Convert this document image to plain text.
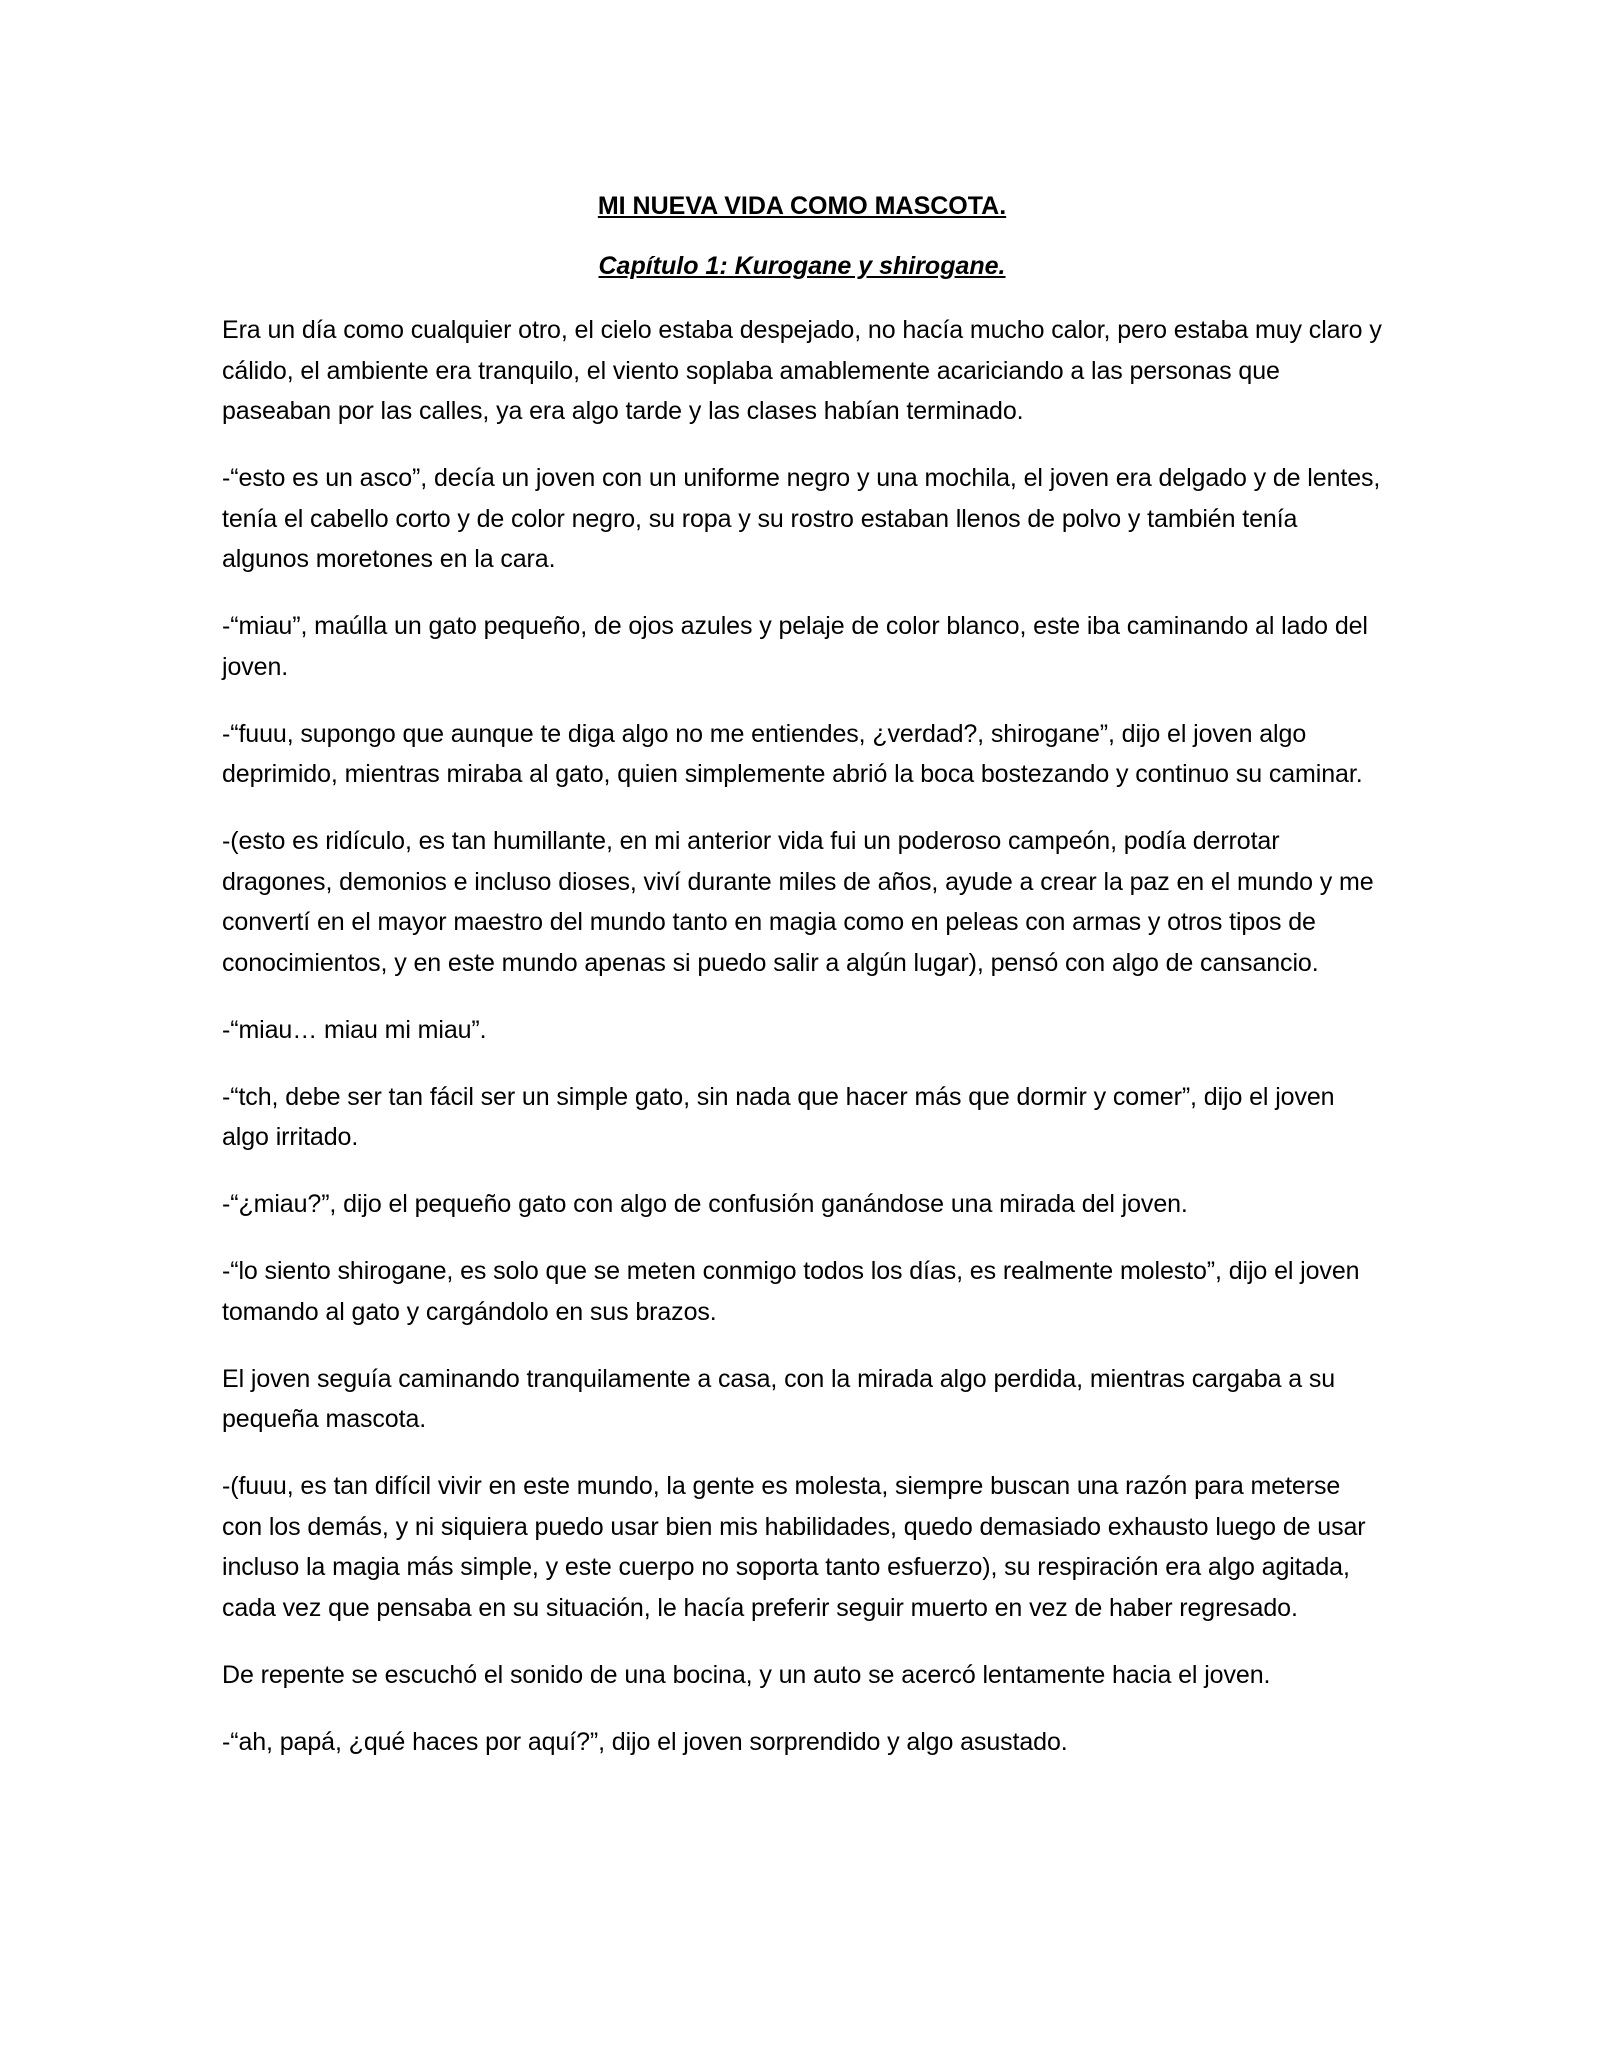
MI NUEVA VIDA COMO MASCOTA.
Capítulo 1: Kurogane y shirogane.

Era un día como cualquier otro, el cielo estaba despejado, no hacía mucho calor, pero estaba muy claro y cálido, el ambiente era tranquilo, el viento soplaba amablemente acariciando a las personas que paseaban por las calles, ya era algo tarde y las clases habían terminado.

-“esto es un asco”, decía un joven con un uniforme negro y una mochila, el joven era delgado y de lentes, tenía el cabello corto y de color negro, su ropa y su rostro estaban llenos de polvo y también tenía algunos moretones en la cara.

-“miau”, maúlla un gato pequeño, de ojos azules y pelaje de color blanco, este iba caminando al lado del joven.

-“fuuu, supongo que aunque te diga algo no me entiendes, ¿verdad?, shirogane”, dijo el joven algo deprimido, mientras miraba al gato, quien simplemente abrió la boca bostezando y continuo su caminar.

-(esto es ridículo, es tan humillante, en mi anterior vida fui un poderoso campeón, podía derrotar dragones, demonios e incluso dioses, viví durante miles de años, ayude a crear la paz en el mundo y me convertí en el mayor maestro del mundo tanto en magia como en peleas con armas y otros tipos de conocimientos, y en este mundo apenas si puedo salir a algún lugar), pensó con algo de cansancio.

-“miau… miau mi miau”.

-“tch, debe ser tan fácil ser un simple gato, sin nada que hacer más que dormir y comer”, dijo el joven algo irritado.

-“¿miau?”, dijo el pequeño gato con algo de confusión ganándose una mirada del joven.

-“lo siento shirogane, es solo que se meten conmigo todos los días, es realmente molesto”, dijo el joven tomando al gato y cargándolo en sus brazos.

El joven seguía caminando tranquilamente a casa, con la mirada algo perdida, mientras cargaba a su pequeña mascota.

-(fuuu, es tan difícil vivir en este mundo, la gente es molesta, siempre buscan una razón para meterse con los demás, y ni siquiera puedo usar bien mis habilidades, quedo demasiado exhausto luego de usar incluso la magia más simple, y este cuerpo no soporta tanto esfuerzo), su respiración era algo agitada, cada vez que pensaba en su situación, le hacía preferir seguir muerto en vez de haber regresado.

De repente se escuchó el sonido de una bocina, y un auto se acercó lentamente hacia el joven.

-“ah, papá, ¿qué haces por aquí?”, dijo el joven sorprendido y algo asustado.
